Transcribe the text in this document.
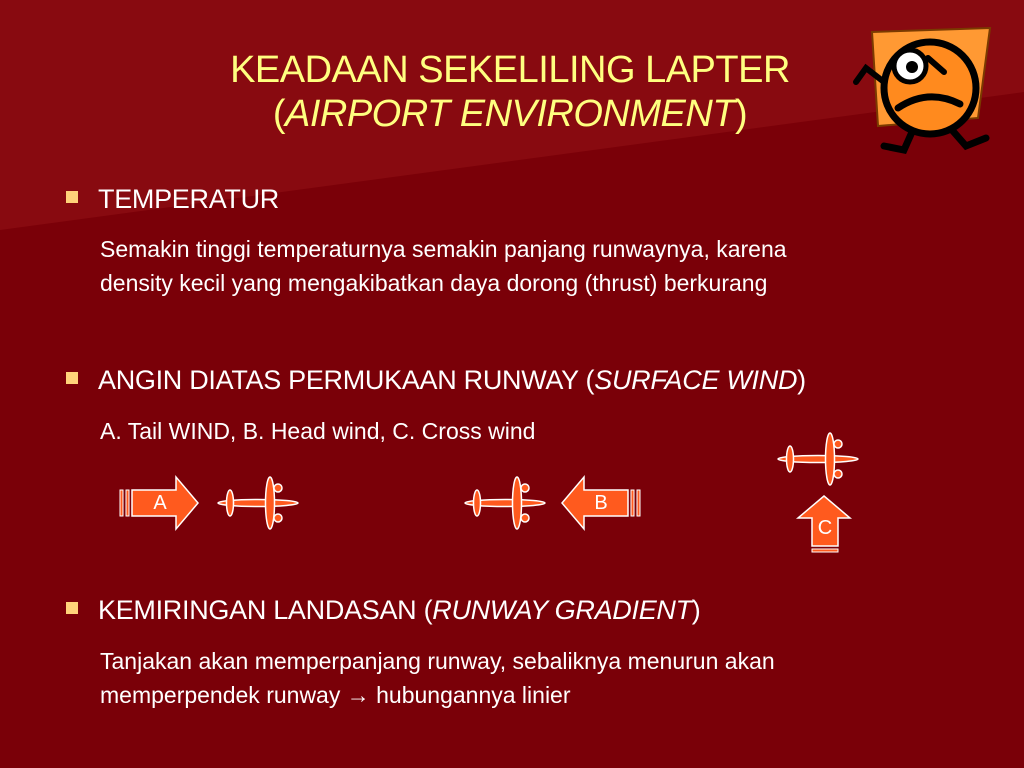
KEADAAN SEKELILING LAPTER
(AIRPORT ENVIRONMENT)
TEMPERATUR
Semakin tinggi temperaturnya semakin panjang runwaynya, karena
density kecil yang mengakibatkan daya dorong (thrust) berkurang
ANGIN DIATAS PERMUKAAN RUNWAY (SURFACE WIND)
A. Tail WIND, B. Head wind, C. Cross wind
A	B
C
KEMIRINGAN LANDASAN (RUNWAY GRADIENT)
Tanjakan akan memperpanjang runway, sebaliknya menurun akan
memperpendek runway → hubungannya linier
